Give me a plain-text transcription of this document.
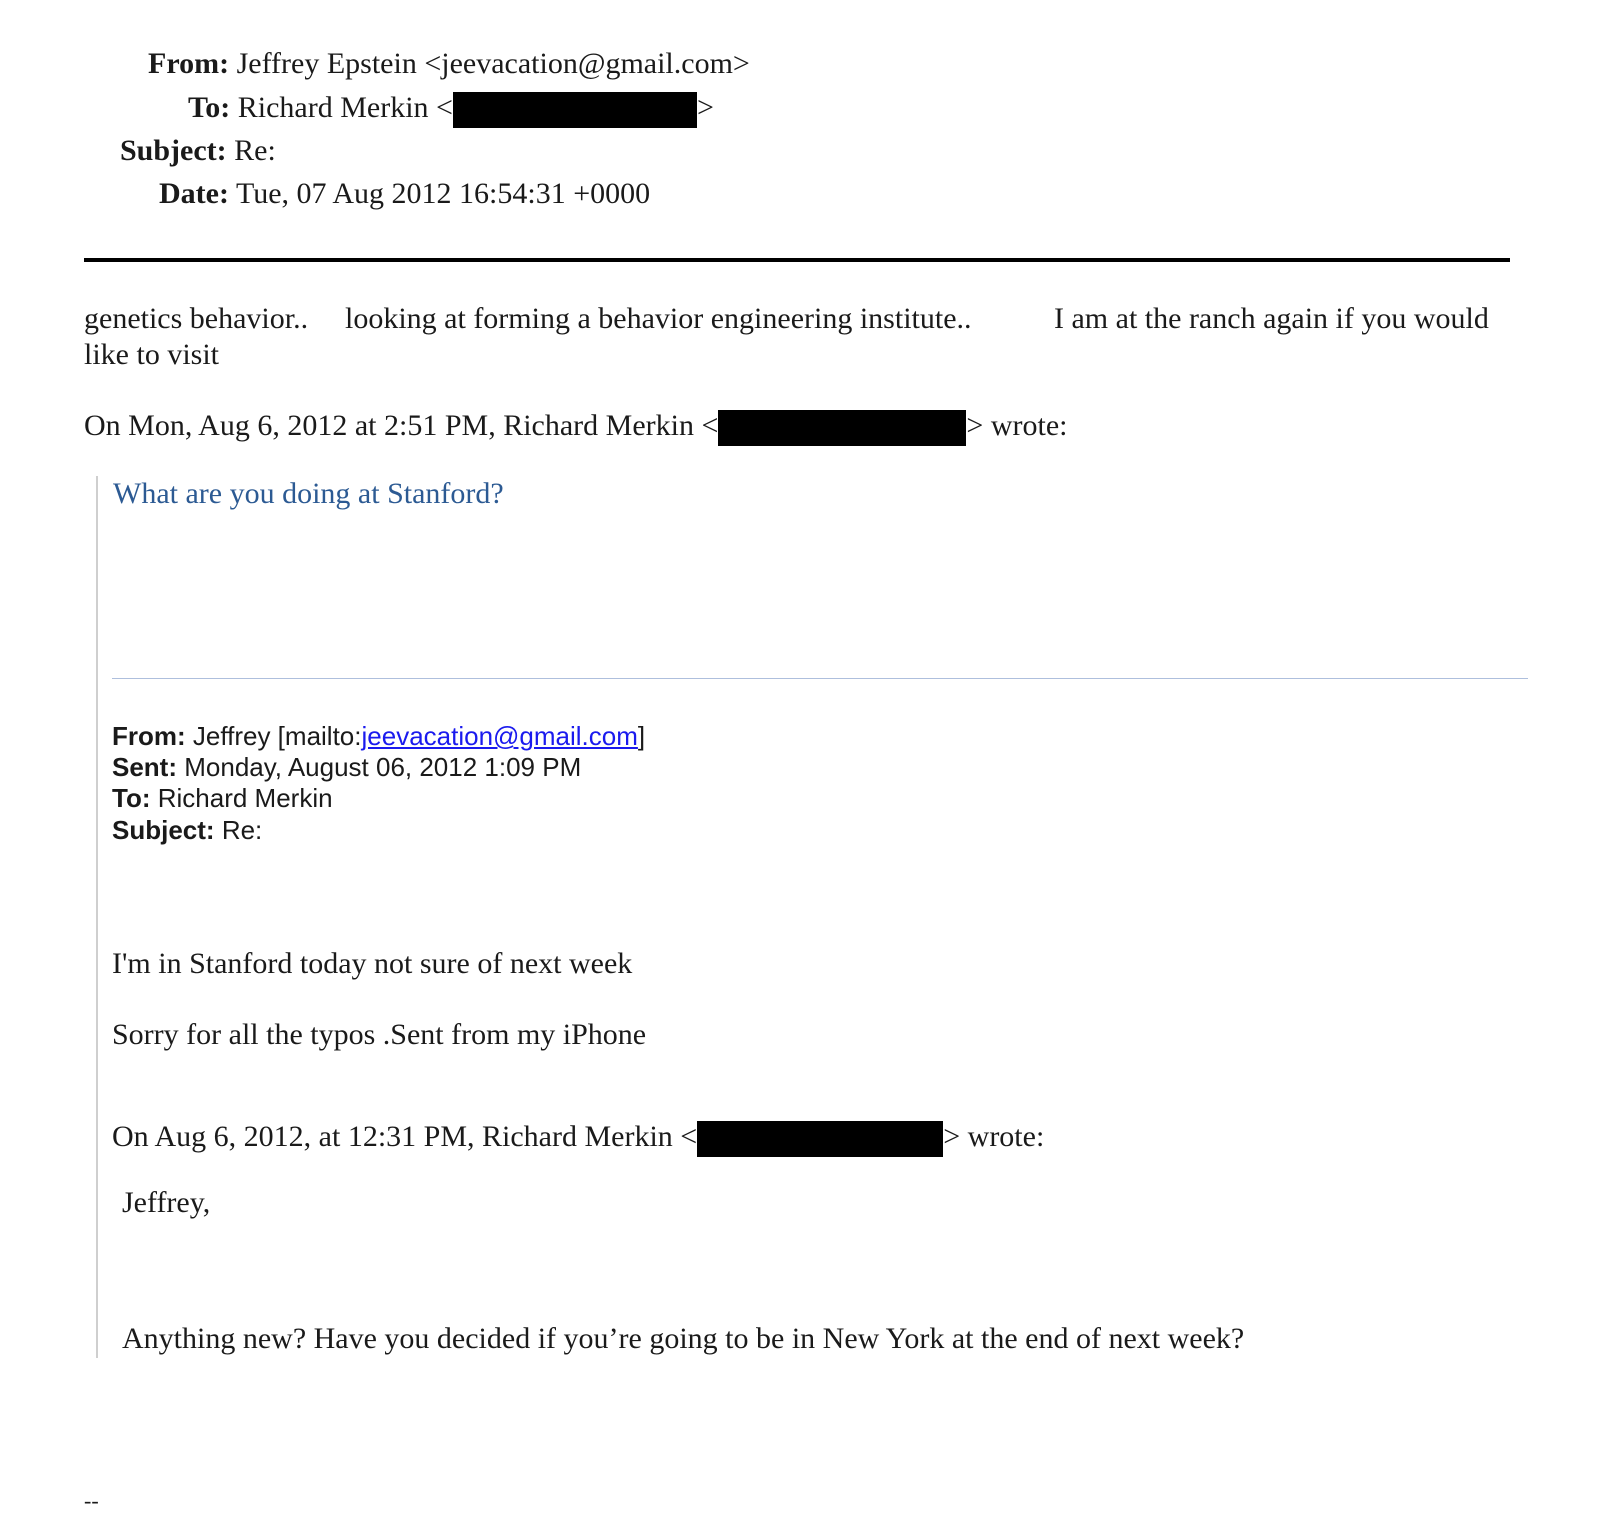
From: Jeffrey Epstein <jeevacation@gmail.com>
To: Richard Merkin <	>
Subject: Re:
Date: Tue, 07 Aug 2012 16:54:31 +0000
genetics behavior.. looking at forming a behavior engineering institute..	I am at the ranch again if you would
like to visit
On Mon, Aug 6, 2012 at 2:51 PM, Richard Merkin <	> wrote:
What are you doing at Stanford?
From: Jeffrey [mailto:jeevacation@gmail.com]
Sent: Monday, August 06, 2012 1:09 PM
To: Richard Merkin
Subject: Re:
I'm in Stanford today not sure of next week
Sorry for all the typos .Sent from my iPhone
On Aug 6, 2012, at 12:31 PM, Richard Merkin <	> wrote:
Jeffrey,
Anything new? Have you decided if you’re going to be in New York at the end of next week?
--
